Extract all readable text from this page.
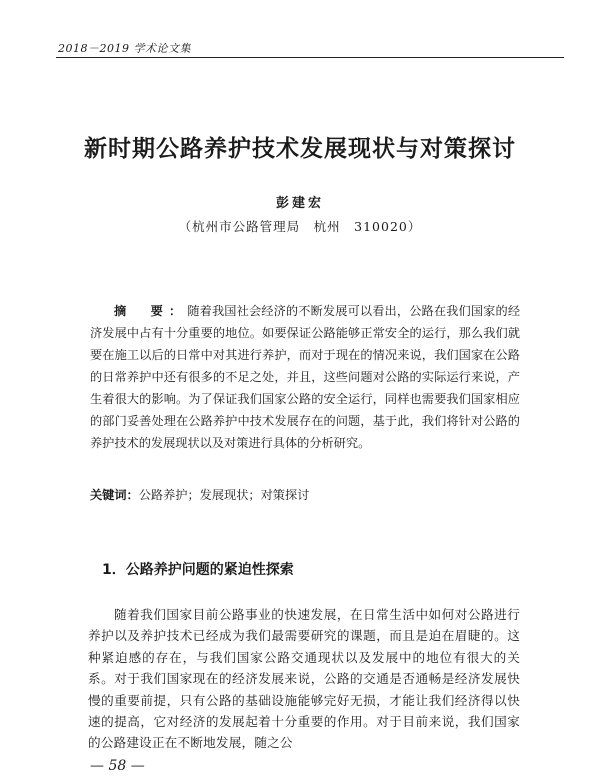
2018－2019 学术论文集
新时期公路养护技术发展现状与对策探讨
彭建宏
（杭州市公路管理局　杭州　310020）

摘　要：随着我国社会经济的不断发展可以看出，公路在我们国家的经济发展中占有十分重要的地位。如要保证公路能够正常安全的运行，那么我们就要在施工以后的日常中对其进行养护，而对于现在的情况来说，我们国家在公路的日常养护中还有很多的不足之处，并且，这些问题对公路的实际运行来说，产生着很大的影响。为了保证我们国家公路的安全运行，同样也需要我们国家相应的部门妥善处理在公路养护中技术发展存在的问题，基于此，我们将针对公路的养护技术的发展现状以及对策进行具体的分析研究。

关键词：公路养护；发展现状；对策探讨

1．公路养护问题的紧迫性探索

随着我们国家目前公路事业的快速发展，在日常生活中如何对公路进行养护以及养护技术已经成为我们最需要研究的课题，而且是迫在眉睫的。这种紧迫感的存在，与我们国家公路交通现状以及发展中的地位有很大的关系。对于我们国家现在的经济发展来说，公路的交通是否通畅是经济发展快慢的重要前提，只有公路的基础设施能够完好无损，才能让我们经济得以快速的提高，它对经济的发展起着十分重要的作用。对于目前来说，我们国家的公路建设正在不断地发展，随之公

— 58 —
